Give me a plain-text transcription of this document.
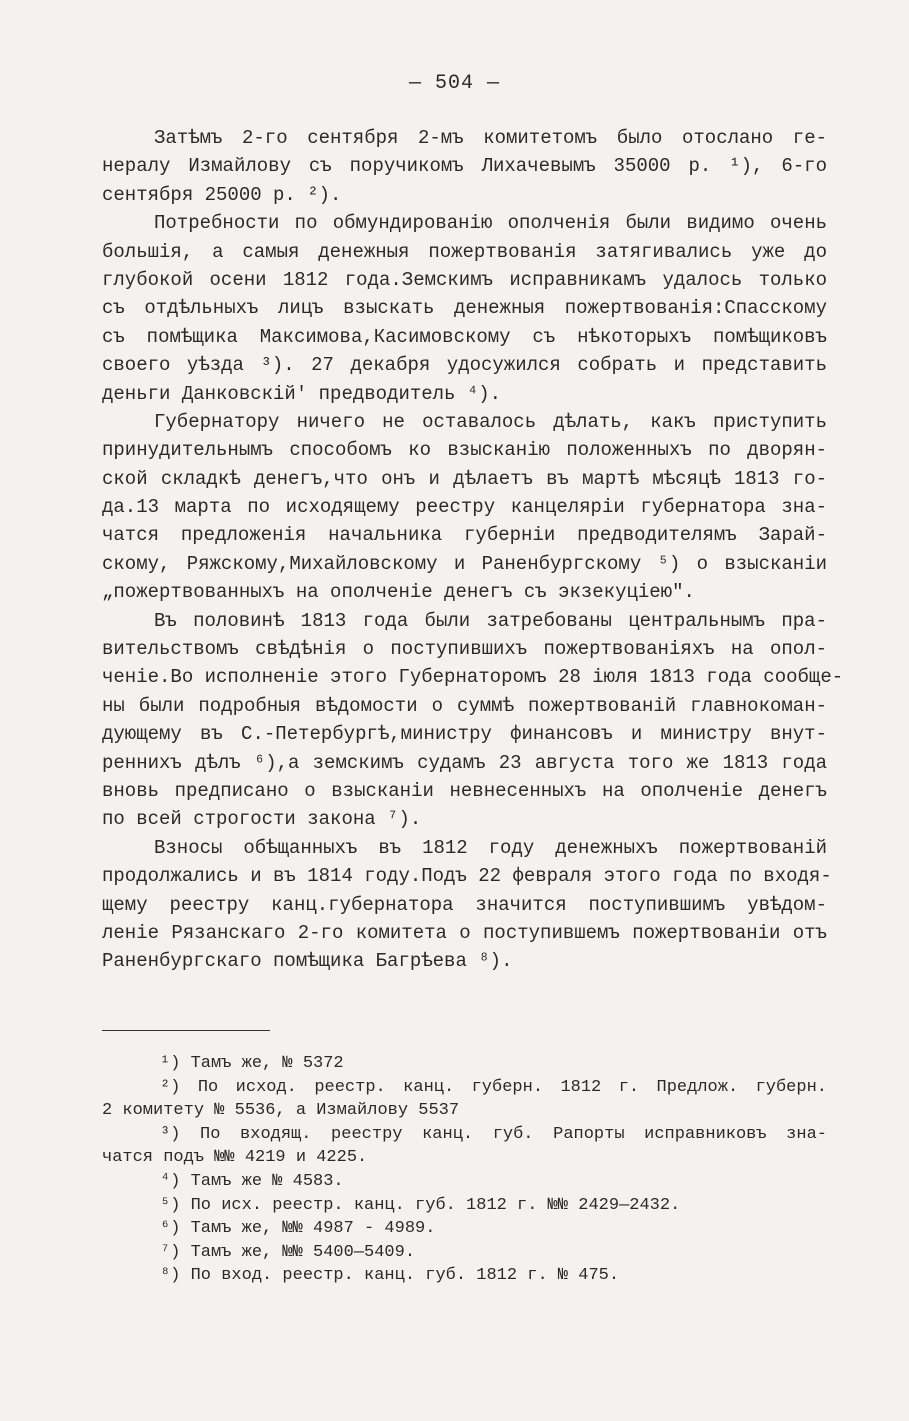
— 504 —
Затѣмъ 2-го сентября 2-мъ комитетомъ было отослано ге-
нералу Измайлову съ поручикомъ Лихачевымъ 35000 р. ¹), 6-го
сентября 25000 р. ²).
Потребности по обмундированію ополченія были видимо очень
большія, а самыя денежныя пожертвованія затягивались уже до
глубокой осени 1812 года.Земскимъ исправникамъ удалось только
съ отдѣльныхъ лицъ взыскать денежныя пожертвованія:Спасскому
съ помѣщика Максимова,Касимовскому съ нѣкоторыхъ помѣщиковъ
своего уѣзда ³). 27 декабря удосужился собрать и представить
деньги Данковскій' предводитель ⁴).
Губернатору ничего не оставалось дѣлать, какъ приступить
принудительнымъ способомъ ко взысканію положенныхъ по дворян-
ской складкѣ денегъ,что онъ и дѣлаетъ въ мартѣ мѣсяцѣ 1813 го-
да.13 марта по исходящему реестру канцеляріи губернатора зна-
чатся предложенія начальника губерніи предводителямъ Зарай-
скому, Ряжскому,Михайловскому и Раненбургскому ⁵) о взысканіи
„пожертвованныхъ на ополченіе денегъ съ экзекуціею".
Въ половинѣ 1813 года были затребованы центральнымъ пра-
вительствомъ свѣдѣнія о поступившихъ пожертвованіяхъ на опол-
ченіе.Во исполненіе этого Губернаторомъ 28 іюля 1813 года сообще-
ны были подробныя вѣдомости о суммѣ пожертвованій главнокоман-
дующему въ С.-Петербургѣ,министру финансовъ и министру внут-
реннихъ дѣлъ ⁶),а земскимъ судамъ 23 августа того же 1813 года
вновь предписано о взысканіи невнесенныхъ на ополченіе денегъ
по всей строгости закона ⁷).
Взносы обѣщанныхъ въ 1812 году денежныхъ пожертвованій
продолжались и въ 1814 году.Подъ 22 февраля этого года по входя-
щему реестру канц.губернатора значится поступившимъ увѣдом-
леніе Рязанскаго 2-го комитета о поступившемъ пожертвованіи отъ
Раненбургскаго помѣщика Багрѣева ⁸).
¹) Тамъ же, № 5372
²) По исход. реестр. канц. губерн. 1812 г. Предлож. губерн.
2 комитету № 5536, а Измайлову 5537
³) По входящ. реестру канц. губ. Рапорты исправниковъ зна-
чатся подъ №№ 4219 и 4225.
⁴) Тамъ же № 4583.
⁵) По исх. реестр. канц. губ. 1812 г. №№ 2429—2432.
⁶) Тамъ же, №№ 4987 - 4989.
⁷) Тамъ же, №№ 5400—5409.
⁸) По вход. реестр. канц. губ. 1812 г. № 475.
